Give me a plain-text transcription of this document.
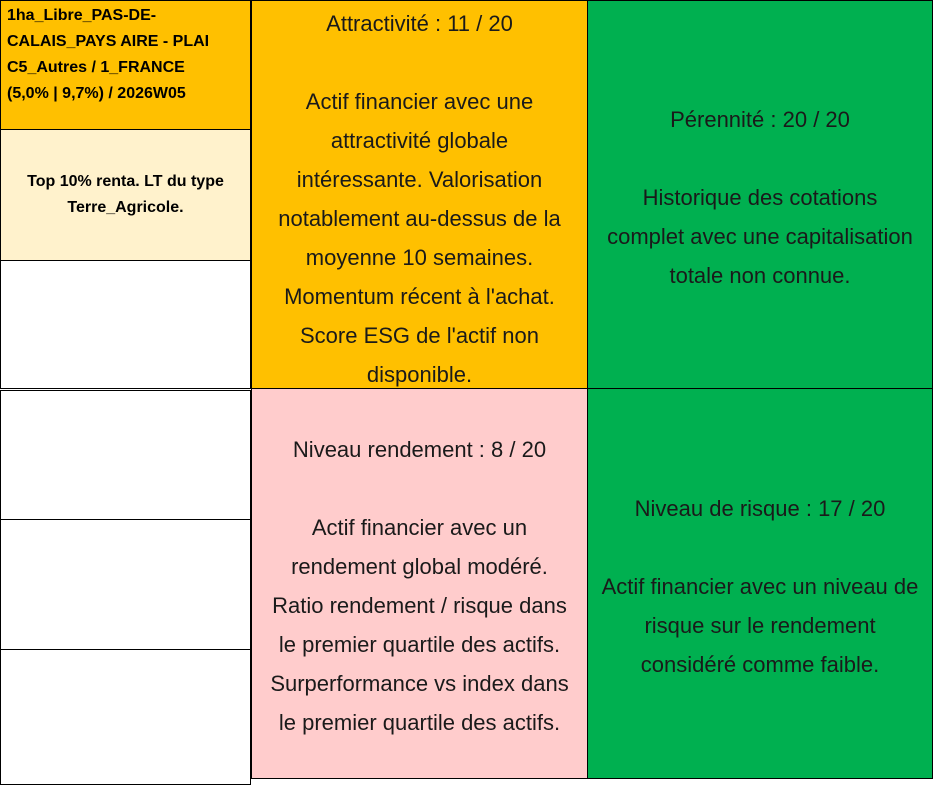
1ha_Libre_PAS-DE-
CALAIS_PAYS AIRE - PLAI
C5_Autres / 1_FRANCE
(5,0% | 9,7%) / 2026W05
Top 10% renta. LT du type
Terre_Agricole.
Attractivité : 11 / 20
Actif financier avec une
attractivité globale
intéressante. Valorisation
notablement au-dessus de la
moyenne 10 semaines.
Momentum récent à l'achat.
Score ESG de l'actif non
disponible.
Pérennité : 20 / 20
Historique des cotations
complet avec une capitalisation
totale non connue.
Niveau rendement : 8 / 20
Actif financier avec un
rendement global modéré.
Ratio rendement / risque dans
le premier quartile des actifs.
Surperformance vs index dans
le premier quartile des actifs.
Niveau de risque : 17 / 20
Actif financier avec un niveau de
risque sur le rendement
considéré comme faible.
